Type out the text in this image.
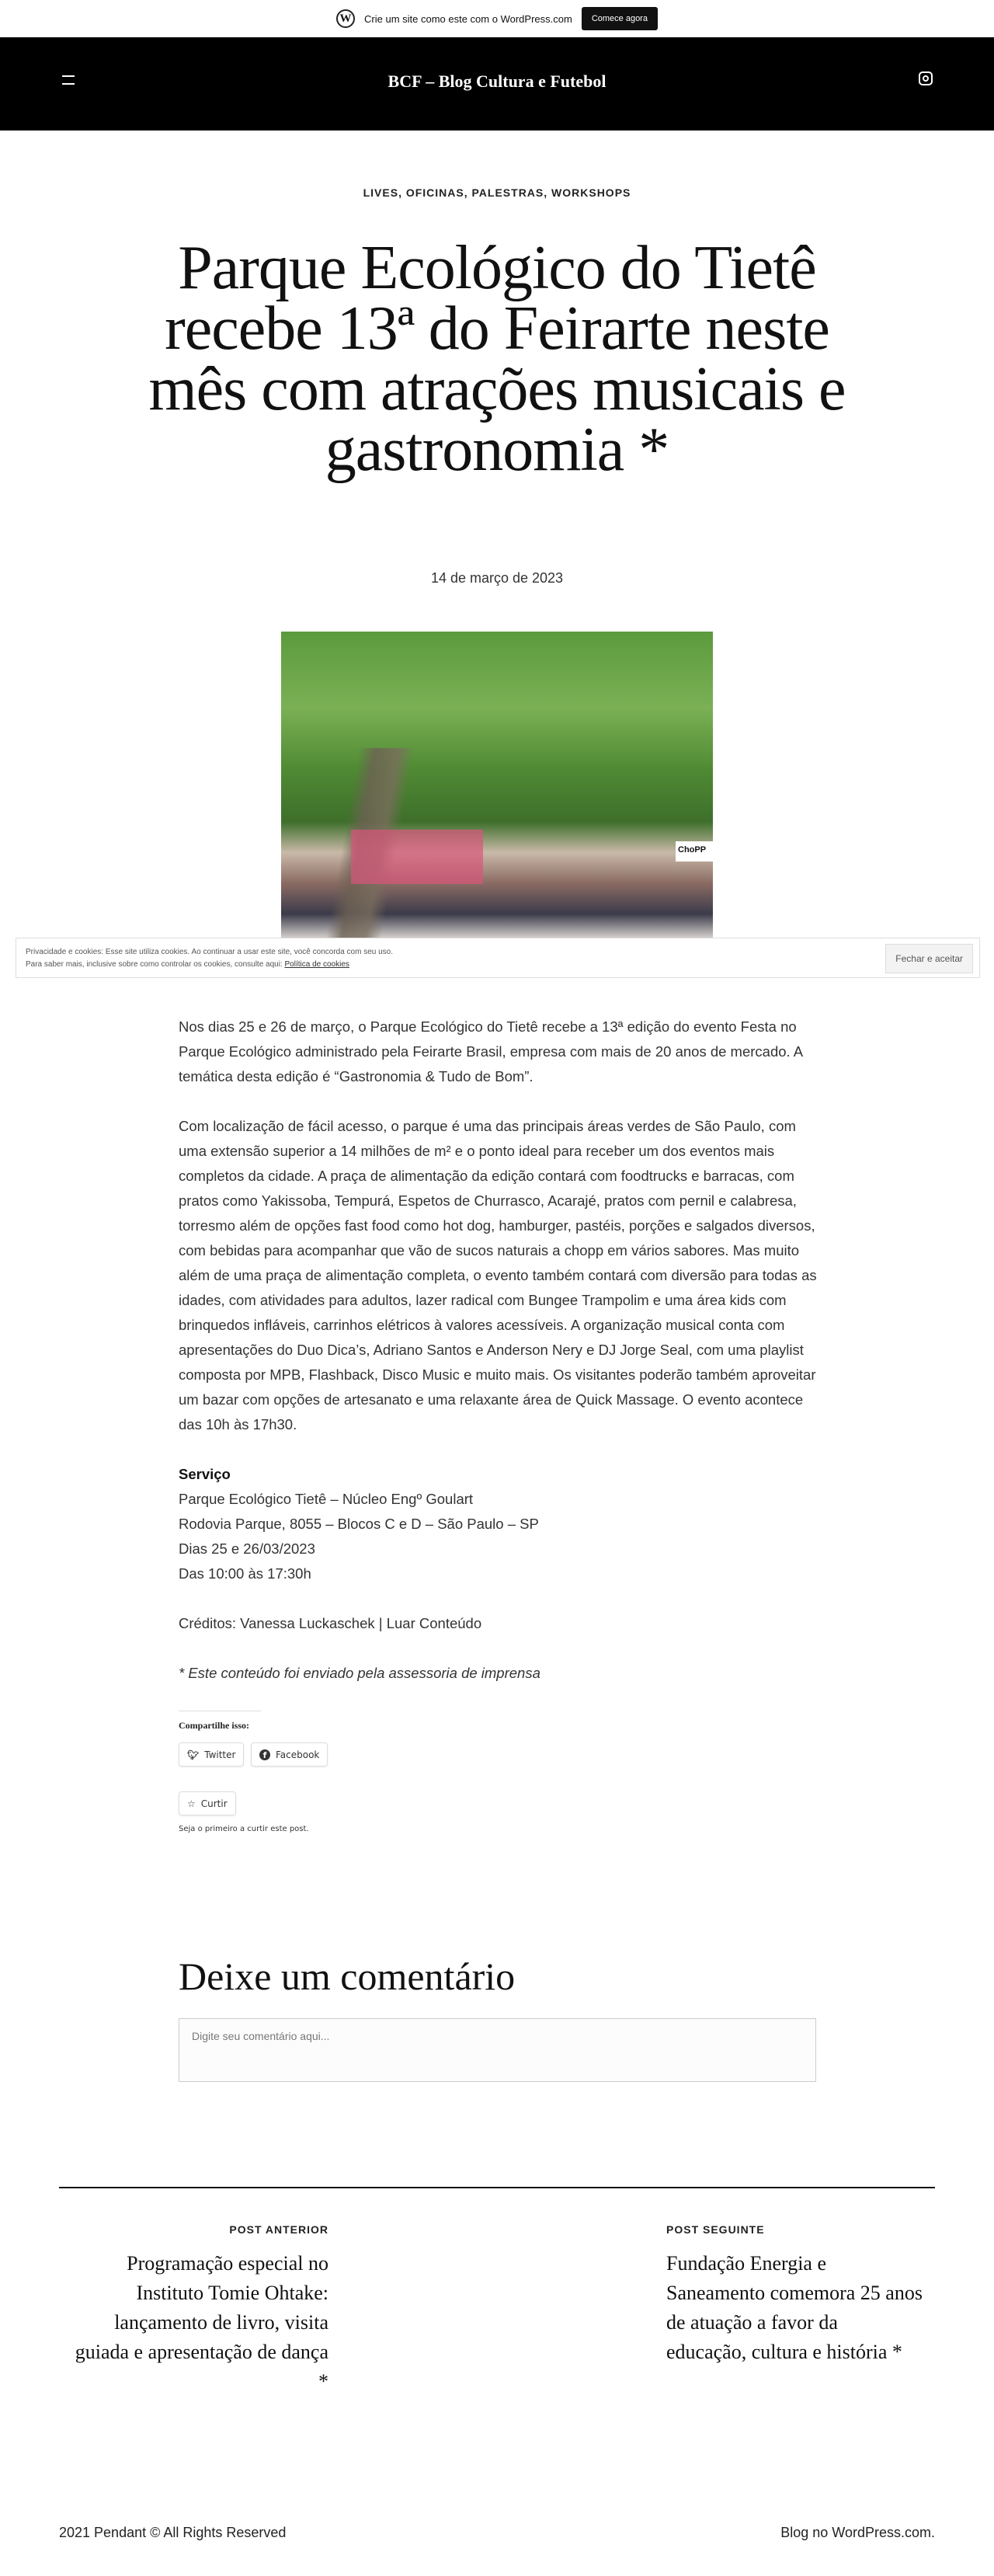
W	Crie um site como este com o WordPress.com	Comece agora
BCF – Blog Cultura e Futebol
LIVES, OFICINAS, PALESTRAS, WORKSHOPS
Parque Ecológico do Tietê recebe 13ª do Feirarte neste mês com atrações musicais e gastronomia *
14 de março de 2023
ChoPP

Nos dias 25 e 26 de março, o Parque Ecológico do Tietê recebe a 13ª edição do evento Festa no Parque Ecológico administrado pela Feirarte Brasil, empresa com mais de 20 anos de mercado. A temática desta edição é “Gastronomia & Tudo de Bom”.

Com localização de fácil acesso, o parque é uma das principais áreas verdes de São Paulo, com uma extensão superior a 14 milhões de m² e o ponto ideal para receber um dos eventos mais completos da cidade. A praça de alimentação da edição contará com foodtrucks e barracas, com pratos como Yakissoba, Tempurá, Espetos de Churrasco, Acarajé, pratos com pernil e calabresa, torresmo além de opções fast food como hot dog, hamburger, pastéis, porções e salgados diversos, com bebidas para acompanhar que vão de sucos naturais a chopp em vários sabores. Mas muito além de uma praça de alimentação completa, o evento também contará com diversão para todas as idades, com atividades para adultos, lazer radical com Bungee Trampolim e uma área kids com brinquedos infláveis, carrinhos elétricos à valores acessíveis. A organização musical conta com apresentações do Duo Dica’s, Adriano Santos e Anderson Nery e DJ Jorge Seal, com uma playlist composta por MPB, Flashback, Disco Music e muito mais. Os visitantes poderão também aproveitar um bazar com opções de artesanato e uma relaxante área de Quick Massage. O evento acontece das 10h às 17h30.

Serviço
Parque Ecológico Tietê – Núcleo Engº Goulart
Rodovia Parque, 8055 – Blocos C e D – São Paulo – SP
Dias 25 e 26/03/2023
Das 10:00 às 17:30h

Créditos: Vanessa Luckaschek | Luar Conteúdo

* Este conteúdo foi enviado pela assessoria de imprensa

Privacidade e cookies: Esse site utiliza cookies. Ao continuar a usar este site, você concorda com seu uso.
Para saber mais, inclusive sobre como controlar os cookies, consulte aqui: Política de cookies
Fechar e aceitar
Compartilhe isso:
🐦︎ Twitter	f Facebook
☆ Curtir
Seja o primeiro a curtir este post.
Deixe um comentário
Digite seu comentário aqui...
POST ANTERIOR
Programação especial no Instituto Tomie Ohtake: lançamento de livro, visita guiada e apresentação de dança *
POST SEGUINTE
Fundação Energia e Saneamento comemora 25 anos de atuação a favor da educação, cultura e história *
2021 Pendant © All Rights Reserved	Blog no WordPress.com.
